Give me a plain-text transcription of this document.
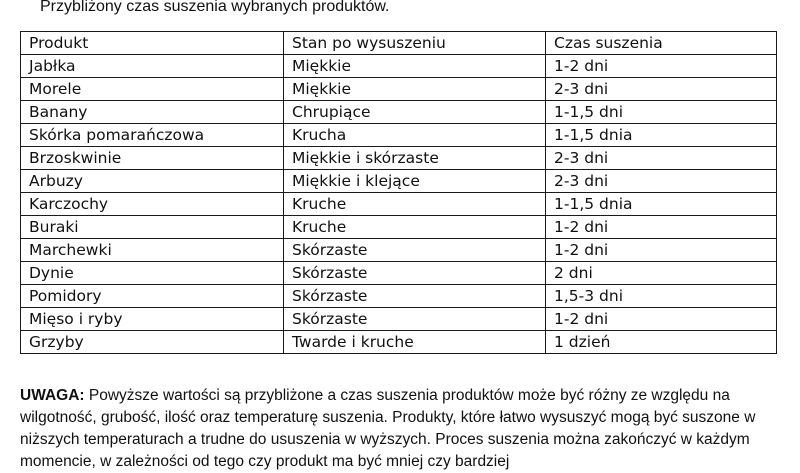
Przybliżony czas suszenia wybranych produktów.
Produkt	Stan po wysuszeniu	Czas suszenia
Jabłka	Miękkie	1-2 dni
Morele	Miękkie	2-3 dni
Banany	Chrupiące	1-1,5 dni
Skórka pomarańczowa	Krucha	1-1,5 dnia
Brzoskwinie	Miękkie i skórzaste	2-3 dni
Arbuzy	Miękkie i klejące	2-3 dni
Karczochy	Kruche	1-1,5 dnia
Buraki	Kruche	1-2 dni
Marchewki	Skórzaste	1-2 dni
Dynie	Skórzaste	2 dni
Pomidory	Skórzaste	1,5-3 dni
Mięso i ryby	Skórzaste	1-2 dni
Grzyby	Twarde i kruche	1 dzień
UWAGA: Powyższe wartości są przybliżone a czas suszenia produktów może być różny ze względu na wilgotność, grubość, ilość oraz temperaturę suszenia. Produkty, które łatwo wysuszyć mogą być suszone w niższych temperaturach a trudne do ususzenia w wyższych. Proces suszenia można zakończyć w każdym momencie, w zależności od tego czy produkt ma być mniej czy bardziej
